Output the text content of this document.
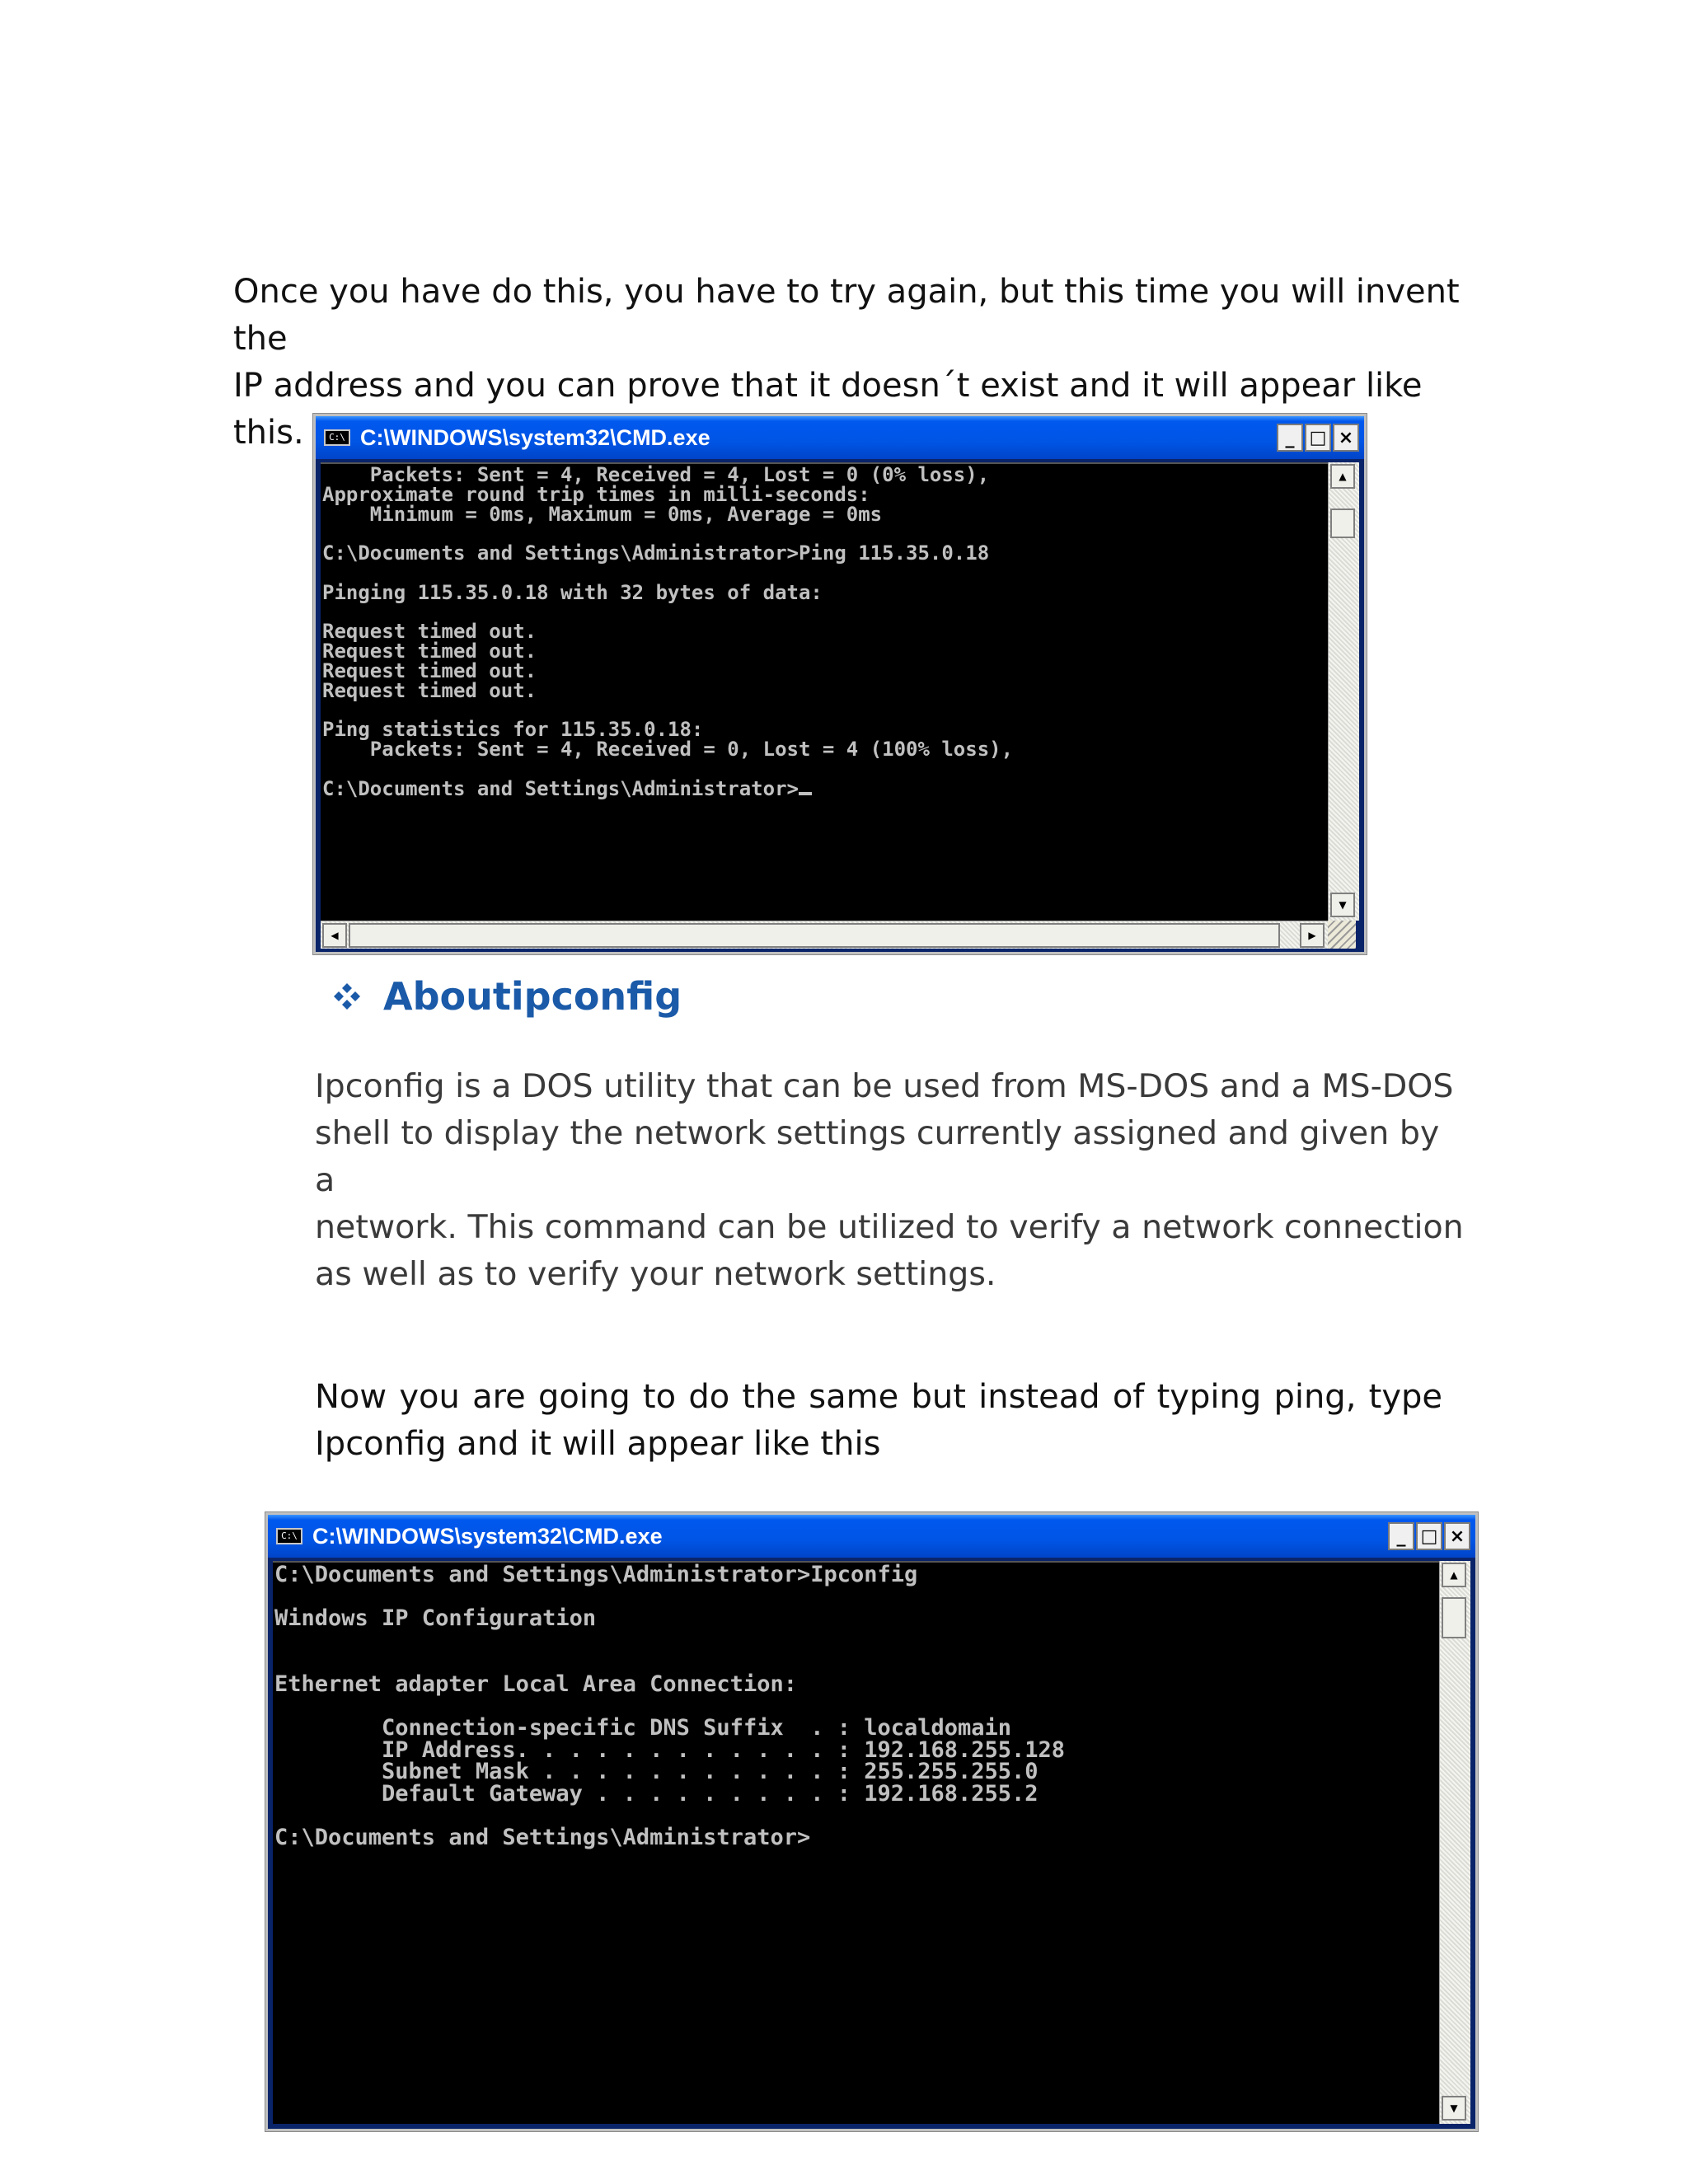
Once you have do this, you have to try again, but this time you will invent the
IP address and you can prove that it doesn´t exist and it will appear like this.	C:\ C:\WINDOWS\system32\CMD.exe	_ □ ×
Packets: Sent = 4, Received = 4, Lost = 0 (0% loss),
Approximate round trip times in milli-seconds:
Minimum = 0ms, Maximum = 0ms, Average = 0ms

C:\Documents and Settings\Administrator>Ping 115.35.0.18

Pinging 115.35.0.18 with 32 bytes of data:

Request timed out.
Request timed out.
Request timed out.
Request timed out.

Ping statistics for 115.35.0.18:
Packets: Sent = 4, Received = 0, Lost = 4 (100% loss),

C:\Documents and Settings\Administrator>
▲
▼
◀	▶
Aboutipconfig

Ipconfig is a DOS utility that can be used from MS-DOS and a MS-DOS
shell to display the network settings currently assigned and given by a
network. This command can be utilized to verify a network connection
as well as to verify your network settings.

Now you are going to do the same but instead of typing ping, type Ipconfig and it will appear like this

C:\ C:\WINDOWS\system32\CMD.exe	_ □ ×
C:\Documents and Settings\Administrator>Ipconfig

Windows IP Configuration

Ethernet adapter Local Area Connection:

Connection-specific DNS Suffix  . : localdomain
IP Address. . . . . . . . . . . . : 192.168.255.128
Subnet Mask . . . . . . . . . . . : 255.255.255.0
Default Gateway . . . . . . . . . : 192.168.255.2

C:\Documents and Settings\Administrator>
▲
▼
